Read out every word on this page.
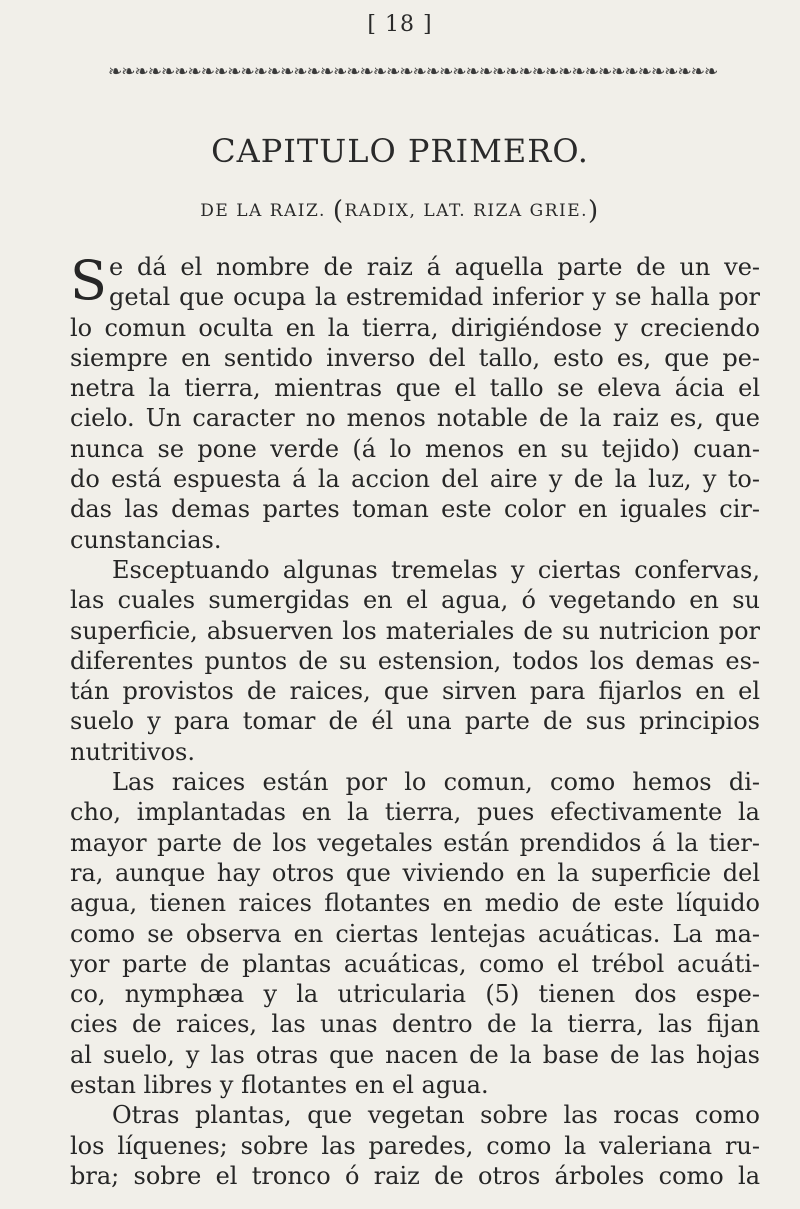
[ 18 ]
❧❧❧❧❧❧❧❧❧❧❧❧❧❧❧❧❧❧❧❧❧❧❧❧❧❧❧❧❧❧❧❧❧❧❧❧❧❧❧❧❧❧❧❧❧❧
CAPITULO PRIMERO.
DE LA RAIZ. (RADIX, LAT. RIZA GRIE.)
S e dá el nombre de raiz á aquella parte de un ve-
getal que ocupa la estremidad inferior y se halla por
lo comun oculta en la tierra, dirigiéndose y creciendo
siempre en sentido inverso del tallo, esto es, que pe-
netra la tierra, mientras que el tallo se eleva ácia el
cielo. Un caracter no menos notable de la raiz es, que
nunca se pone verde (á lo menos en su tejido) cuan-
do está espuesta á la accion del aire y de la luz, y to-
das las demas partes toman este color en iguales cir-
cunstancias.
Esceptuando algunas tremelas y ciertas confervas,
las cuales sumergidas en el agua, ó vegetando en su
superficie, absuerven los materiales de su nutricion por
diferentes puntos de su estension, todos los demas es-
tán provistos de raices, que sirven para fijarlos en el
suelo y para tomar de él una parte de sus principios
nutritivos.
Las raices están por lo comun, como hemos di-
cho, implantadas en la tierra, pues efectivamente la
mayor parte de los vegetales están prendidos á la tier-
ra, aunque hay otros que viviendo en la superficie del
agua, tienen raices flotantes en medio de este líquido
como se observa en ciertas lentejas acuáticas. La ma-
yor parte de plantas acuáticas, como el trébol acuáti-
co, nymphæa y la utricularia (5) tienen dos espe-
cies de raices, las unas dentro de la tierra, las fijan
al suelo, y las otras que nacen de la base de las hojas
estan libres y flotantes en el agua.
Otras plantas, que vegetan sobre las rocas como
los líquenes; sobre las paredes, como la valeriana ru-
bra; sobre el tronco ó raiz de otros árboles como la
